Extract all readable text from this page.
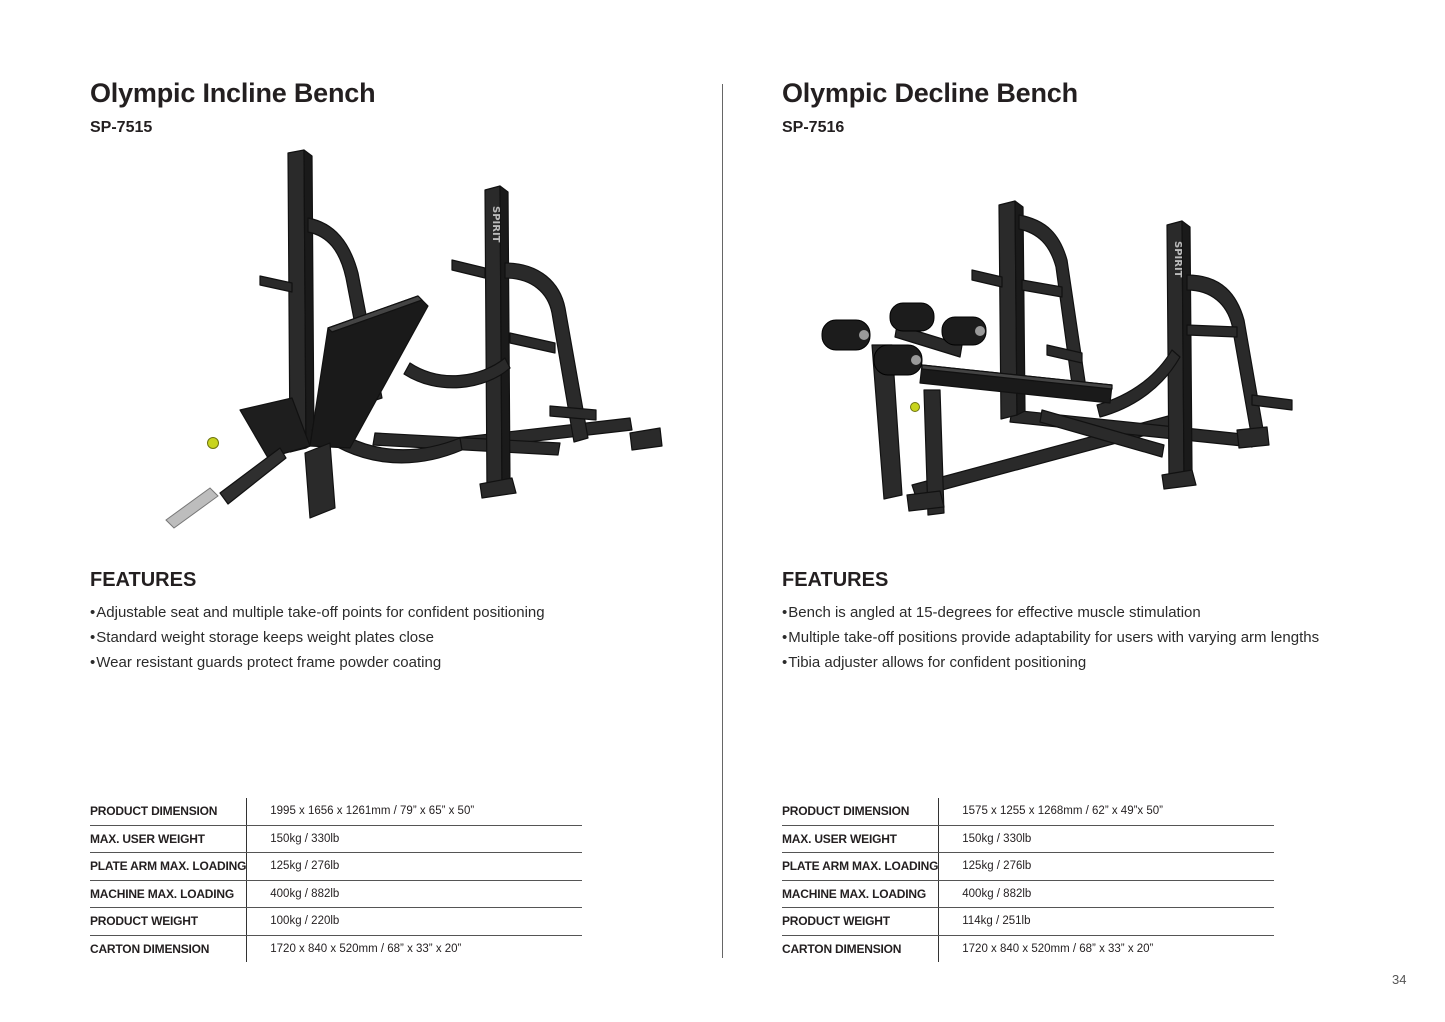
Olympic Incline Bench
SP-7515
SPIRIT
FEATURES
• Adjustable seat and multiple take-off points for confident positioning
• Standard weight storage keeps weight plates close
• Wear resistant guards protect frame powder coating
PRODUCT DIMENSION	1995 x 1656 x 1261mm / 79” x 65” x 50”
MAX. USER WEIGHT	150kg / 330lb
PLATE ARM MAX. LOADING	125kg / 276lb
MACHINE MAX. LOADING	400kg / 882lb
PRODUCT WEIGHT	100kg / 220lb
CARTON DIMENSION	1720 x 840 x 520mm / 68” x 33” x 20”
Olympic Decline Bench
SP-7516
SPIRIT
FEATURES
• Bench is angled at 15-degrees for effective muscle stimulation
• Multiple take-off positions provide adaptability for users with varying arm lengths
• Tibia adjuster allows for confident positioning
PRODUCT DIMENSION	1575 x 1255 x 1268mm / 62” x 49”x 50”
MAX. USER WEIGHT	150kg / 330lb
PLATE ARM MAX. LOADING	125kg / 276lb
MACHINE MAX. LOADING	400kg / 882lb
PRODUCT WEIGHT	114kg / 251lb
CARTON DIMENSION	1720 x 840 x 520mm / 68” x 33” x 20”
34
